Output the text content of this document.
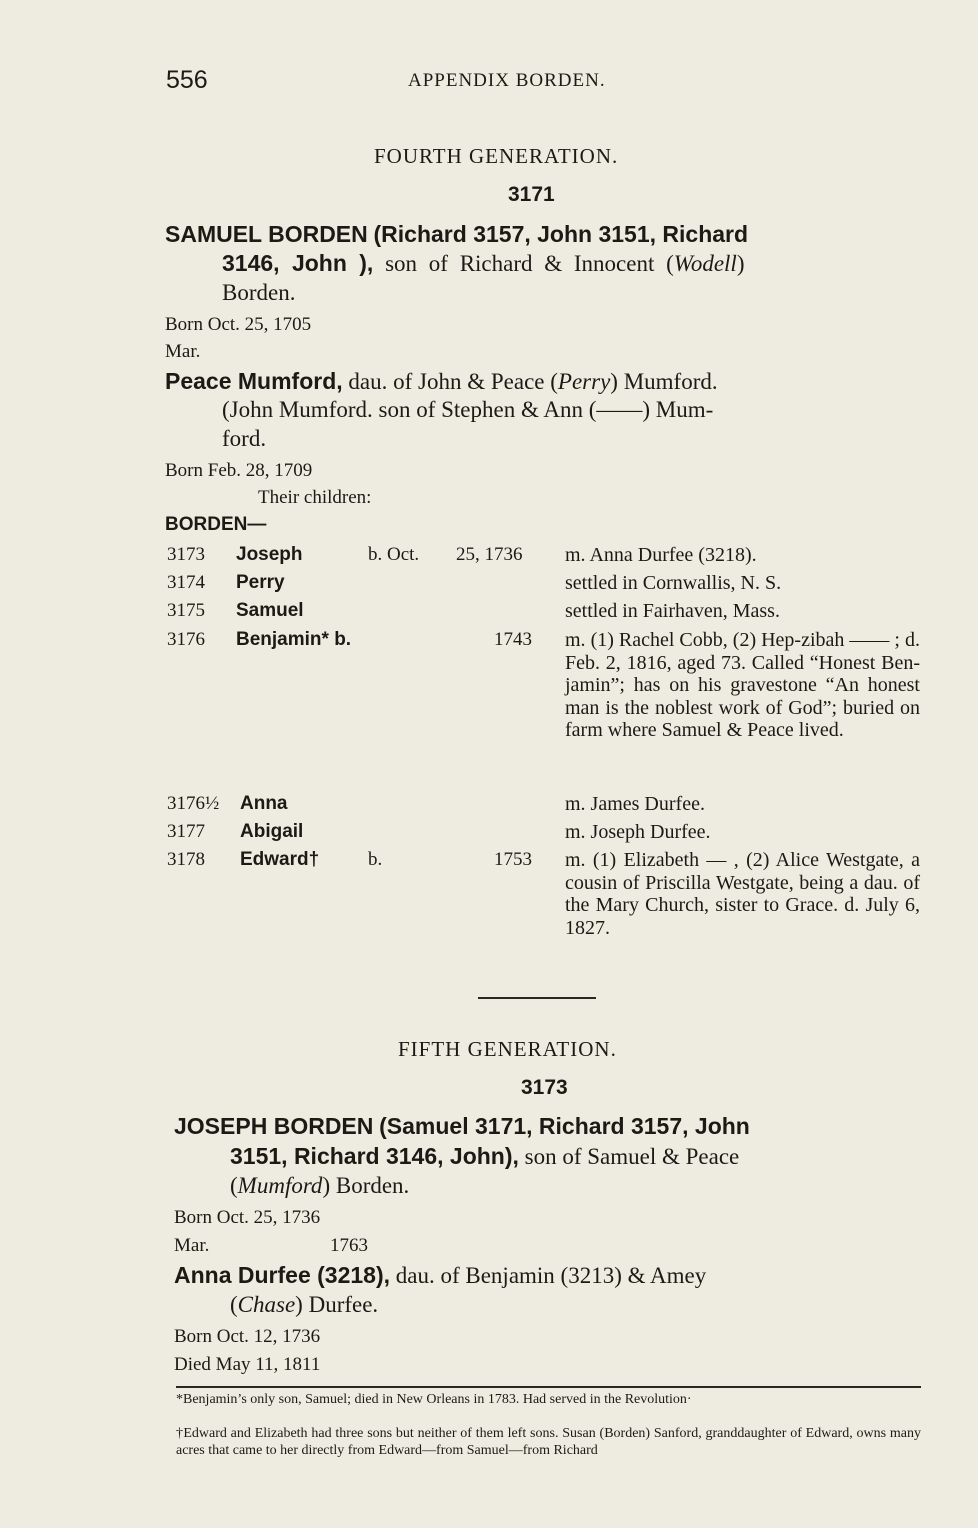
556	APPENDIX BORDEN.
FOURTH GENERATION.
3171
SAMUEL BORDEN (Richard 3157, John 3151, Richard
3146, John ), son of Richard & Innocent (Wodell)
Borden.
Born Oct. 25, 1705
Mar.
Peace Mumford, dau. of John & Peace (Perry) Mumford.
(John Mumford. son of Stephen & Ann (——) Mum-
ford.
Born Feb. 28, 1709
Their children:
BORDEN—
3173 Joseph	b. Oct. 25, 1736 m. Anna Durfee (3218).
3174 Perry	settled in Cornwallis, N. S.
3175 Samuel	settled in Fairhaven, Mass.
3176 Benjamin* b.	1743 m. (1) Rachel Cobb, (2) Hep-zibah —— ; d. Feb. 2, 1816, aged 73. Called “Honest Ben-jamin”; has on his gravestone “An honest man is the noblest work of God”; buried on farm where Samuel & Peace lived.
3176½ Anna	m. James Durfee.
3177 Abigail	m. Joseph Durfee.
3178 Edward†	b.	1753 m. (1) Elizabeth — , (2) Alice Westgate, a cousin of Priscilla Westgate, being a dau. of the Mary Church, sister to Grace. d. July 6, 1827.
FIFTH GENERATION.
3173
JOSEPH BORDEN (Samuel 3171, Richard 3157, John
3151, Richard 3146, John), son of Samuel & Peace
(Mumford) Borden.
Born Oct. 25, 1736
Mar.	1763
Anna Durfee (3218), dau. of Benjamin (3213) & Amey
(Chase) Durfee.
Born Oct. 12, 1736
Died May 11, 1811
*Benjamin’s only son, Samuel; died in New Orleans in 1783. Had served in the Revolution·
†Edward and Elizabeth had three sons but neither of them left sons. Susan (Borden) Sanford, granddaughter of Edward, owns many acres that came to her directly from Edward—from Samuel—from Richard
